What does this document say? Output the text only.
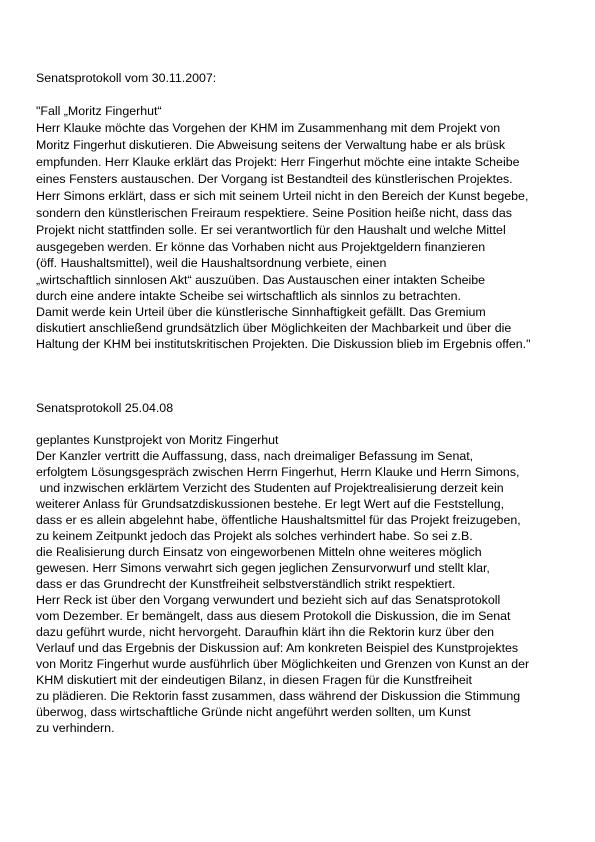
Senatsprotokoll vom 30.11.2007:
"Fall „Moritz Fingerhut“
Herr Klauke möchte das Vorgehen der KHM im Zusammenhang mit dem Projekt von
Moritz Fingerhut diskutieren. Die Abweisung seitens der Verwaltung habe er als brüsk
empfunden. Herr Klauke erklärt das Projekt: Herr Fingerhut möchte eine intakte Scheibe
eines Fensters austauschen. Der Vorgang ist Bestandteil des künstlerischen Projektes.
Herr Simons erklärt, dass er sich mit seinem Urteil nicht in den Bereich der Kunst begebe,
sondern den künstlerischen Freiraum respektiere. Seine Position heiße nicht, dass das
Projekt nicht stattfinden solle. Er sei verantwortlich für den Haushalt und welche Mittel
ausgegeben werden. Er könne das Vorhaben nicht aus Projektgeldern finanzieren
(öff. Haushaltsmittel), weil die Haushaltsordnung verbiete, einen
„wirtschaftlich sinnlosen Akt“ auszuüben. Das Austauschen einer intakten Scheibe
durch eine andere intakte Scheibe sei wirtschaftlich als sinnlos zu betrachten.
Damit werde kein Urteil über die künstlerische Sinnhaftigkeit gefällt. Das Gremium
diskutiert anschließend grundsätzlich über Möglichkeiten der Machbarkeit und über die
Haltung der KHM bei institutskritischen Projekten. Die Diskussion blieb im Ergebnis offen."
Senatsprotokoll 25.04.08
geplantes Kunstprojekt von Moritz Fingerhut
Der Kanzler vertritt die Auffassung, dass, nach dreimaliger Befassung im Senat,
erfolgtem Lösungsgespräch zwischen Herrn Fingerhut, Herrn Klauke und Herrn Simons,
und inzwischen erklärtem Verzicht des Studenten auf Projektrealisierung derzeit kein
weiterer Anlass für Grundsatzdiskussionen bestehe. Er legt Wert auf die Feststellung,
dass er es allein abgelehnt habe, öffentliche Haushaltsmittel für das Projekt freizugeben,
zu keinem Zeitpunkt jedoch das Projekt als solches verhindert habe. So sei z.B.
die Realisierung durch Einsatz von eingeworbenen Mitteln ohne weiteres möglich
gewesen. Herr Simons verwahrt sich gegen jeglichen Zensurvorwurf und stellt klar,
dass er das Grundrecht der Kunstfreiheit selbstverständlich strikt respektiert.
Herr Reck ist über den Vorgang verwundert und bezieht sich auf das Senatsprotokoll
vom Dezember. Er bemängelt, dass aus diesem Protokoll die Diskussion, die im Senat
dazu geführt wurde, nicht hervorgeht. Daraufhin klärt ihn die Rektorin kurz über den
Verlauf und das Ergebnis der Diskussion auf: Am konkreten Beispiel des Kunstprojektes
von Moritz Fingerhut wurde ausführlich über Möglichkeiten und Grenzen von Kunst an der
KHM diskutiert mit der eindeutigen Bilanz, in diesen Fragen für die Kunstfreiheit
zu plädieren. Die Rektorin fasst zusammen, dass während der Diskussion die Stimmung
überwog, dass wirtschaftliche Gründe nicht angeführt werden sollten, um Kunst
zu verhindern.
